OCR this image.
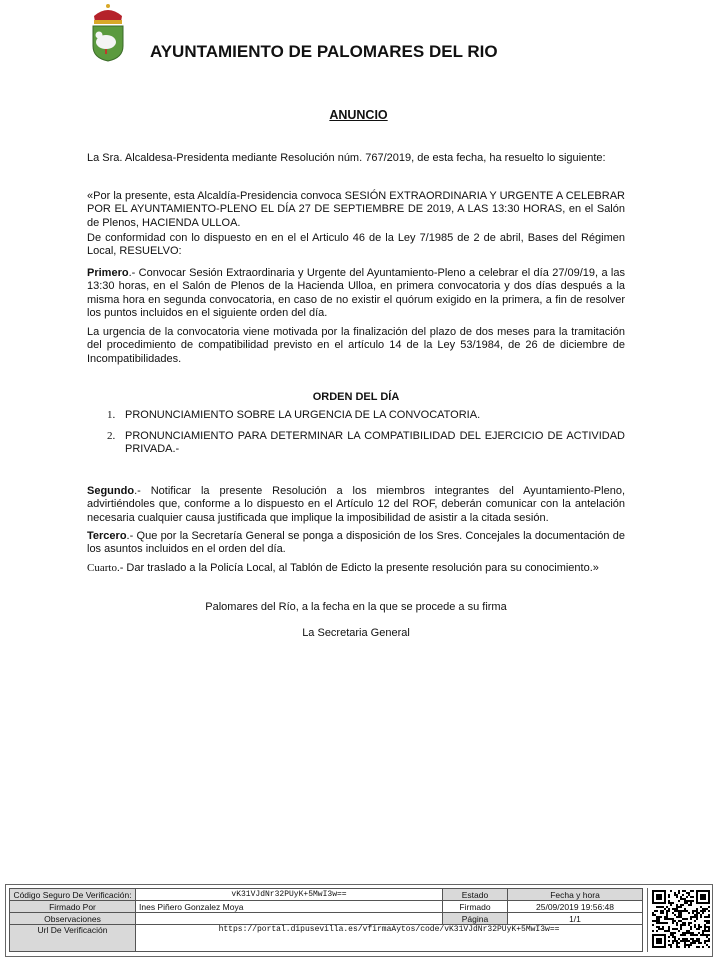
AYUNTAMIENTO DE PALOMARES DEL RIO
ANUNCIO
La Sra. Alcaldesa-Presidenta mediante Resolución núm. 767/2019, de esta fecha, ha resuelto lo siguiente:
«Por la presente, esta Alcaldía-Presidencia convoca SESIÓN EXTRAORDINARIA Y URGENTE A CELEBRAR POR EL AYUNTAMIENTO-PLENO EL DÍA 27 DE SEPTIEMBRE DE 2019, A LAS 13:30 HORAS, en el Salón de Plenos, HACIENDA ULLOA.
De conformidad con lo dispuesto en en el el Articulo 46 de la Ley 7/1985 de 2 de abril, Bases del Régimen Local, RESUELVO:
Primero.- Convocar Sesión Extraordinaria y Urgente del Ayuntamiento-Pleno a celebrar el día 27/09/19, a las 13:30 horas, en el Salón de Plenos de la Hacienda Ulloa, en primera convocatoria y dos días después a la misma hora en segunda convocatoria, en caso de no existir el quórum exigido en la primera, a fin de resolver los puntos incluidos en el siguiente orden del día.
La urgencia de la convocatoria viene motivada por la finalización del plazo de dos meses para la tramitación del procedimiento de compatibilidad previsto en el artículo 14 de la Ley 53/1984, de 26 de diciembre de Incompatibilidades.
ORDEN DEL DÍA
1. PRONUNCIAMIENTO SOBRE LA URGENCIA DE LA CONVOCATORIA.
2. PRONUNCIAMIENTO PARA DETERMINAR LA COMPATIBILIDAD DEL EJERCICIO DE ACTIVIDAD PRIVADA.-
Segundo.- Notificar la presente Resolución a los miembros integrantes del Ayuntamiento-Pleno, advirtiéndoles que, conforme a lo dispuesto en el Artículo 12 del ROF, deberán comunicar con la antelación necesaria cualquier causa justificada que implique la imposibilidad de asistir a la citada sesión.
Tercero.- Que por la Secretaría General se ponga a disposición de los Sres. Concejales la documentación de los asuntos incluidos en el orden del día.
Cuarto.- Dar traslado a la Policía Local, al Tablón de Edicto la presente resolución para su conocimiento.»
Palomares del Río, a la fecha en la que se procede a su firma
La Secretaria General
Código Seguro De Verificación:	vK31VJdNr32PUyK+5MwI3w==	Estado	Fecha y hora
Firmado Por	Ines Piñero Gonzalez Moya	Firmado	25/09/2019 19:56:48
Observaciones		Página	1/1
Url De Verificación	https://portal.dipusevilla.es/vfirmaAytos/code/vK31VJdNr32PUyK+5MwI3w==		
